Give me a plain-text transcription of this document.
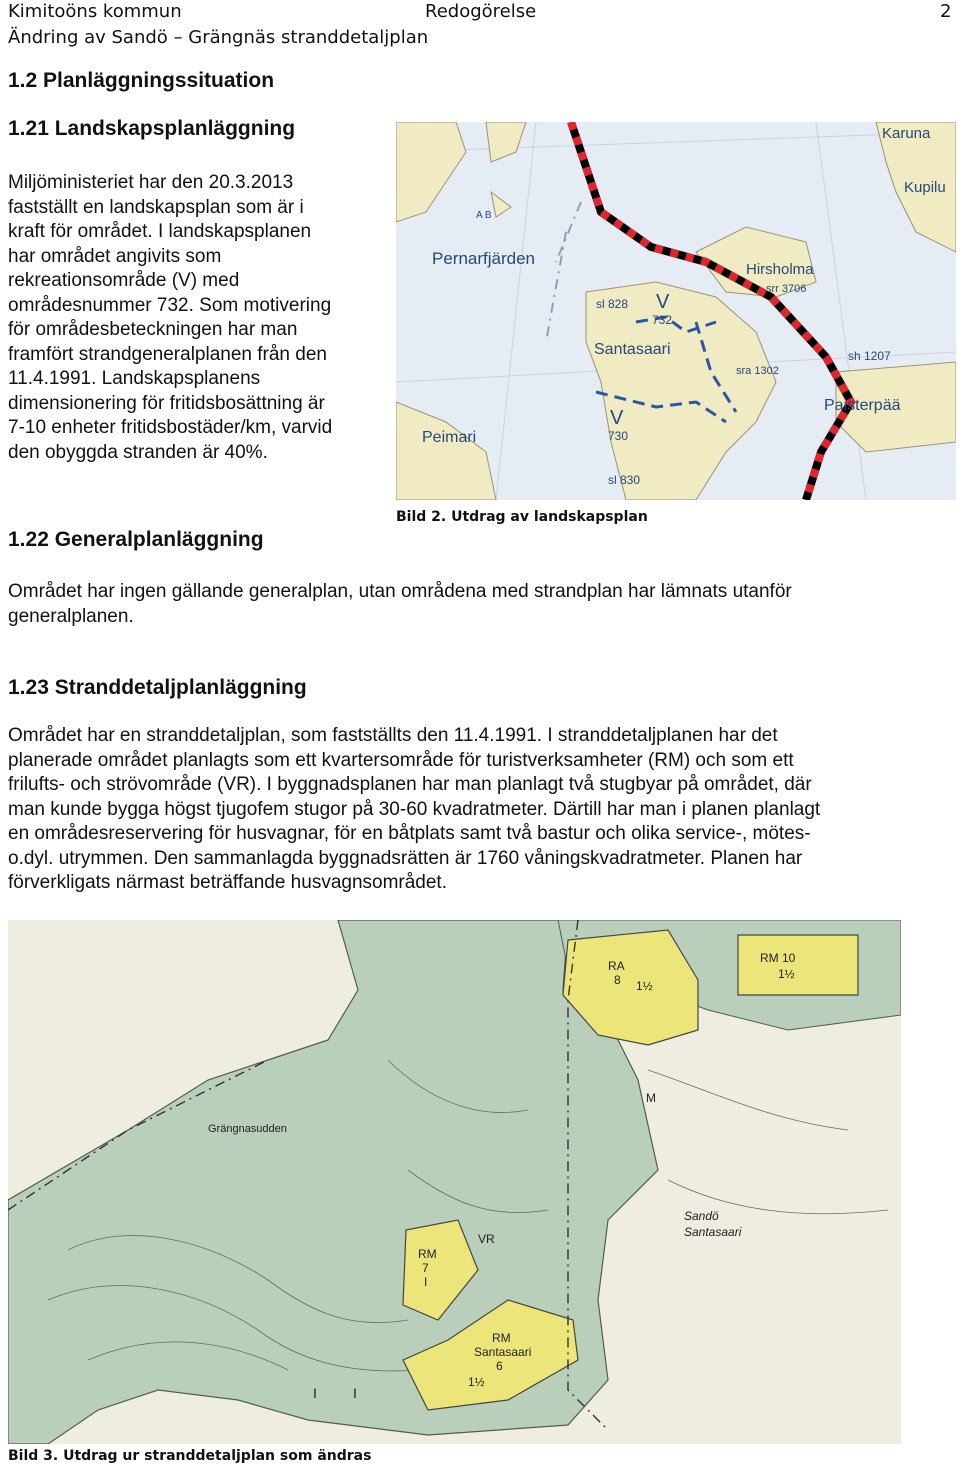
Kimitoöns kommun
Ändring av Sandö – Grängnäs stranddetaljplan
Redogörelse	2
1.2 Planläggningssituation
1.21 Landskapsplanläggning
Miljöministeriet har den 20.3.2013
fastställt en landskapsplan som är i
kraft för området. I landskapsplanen
har området angivits som
rekreationsområde (V) med
områdesnummer 732. Som motivering
för områdesbeteckningen har man
framfört strandgeneralplanen från den
11.4.1991. Landskapsplanens
dimensionering för fritidsbosättning är
7-10 enheter fritidsbostäder/km, varvid
den obyggda stranden är 40%.
Karuna
Kupilu
Pernarfjärden
Hirsholma
srr 3706
sl 828 V
732
Santasaari	sh 1207
sra 1302
Paisterpää
V
730
Peimari
sl 830
A B
Bild 2. Utdrag av landskapsplan
1.22 Generalplanläggning
Området har ingen gällande generalplan, utan områdena med strandplan har lämnats utanför
generalplanen.
1.23 Stranddetaljplanläggning
Området har en stranddetaljplan, som fastställts den 11.4.1991. I stranddetaljplanen har det
planerade området planlagts som ett kvartersområde för turistverksamheter (RM) och som ett
frilufts- och strövområde (VR). I byggnadsplanen har man planlagt två stugbyar på området, där
man kunde bygga högst tjugofem stugor på 30-60 kvadratmeter. Därtill har man i planen planlagt
en områdesreservering för husvagnar, för en båtplats samt två bastur och olika service-, mötes-
o.dyl. utrymmen. Den sammanlagda byggnadsrätten är 1760 våningskvadratmeter. Planen har
förverkligats närmast beträffande husvagnsområdet.
RA
8 1½
RM 10
1½
M
Grängnasudden
Sandö
Santasaari
VR
RM
7
I
RM
Santasaari
6
1½
I	I
Bild 3. Utdrag ur stranddetaljplan som ändras
